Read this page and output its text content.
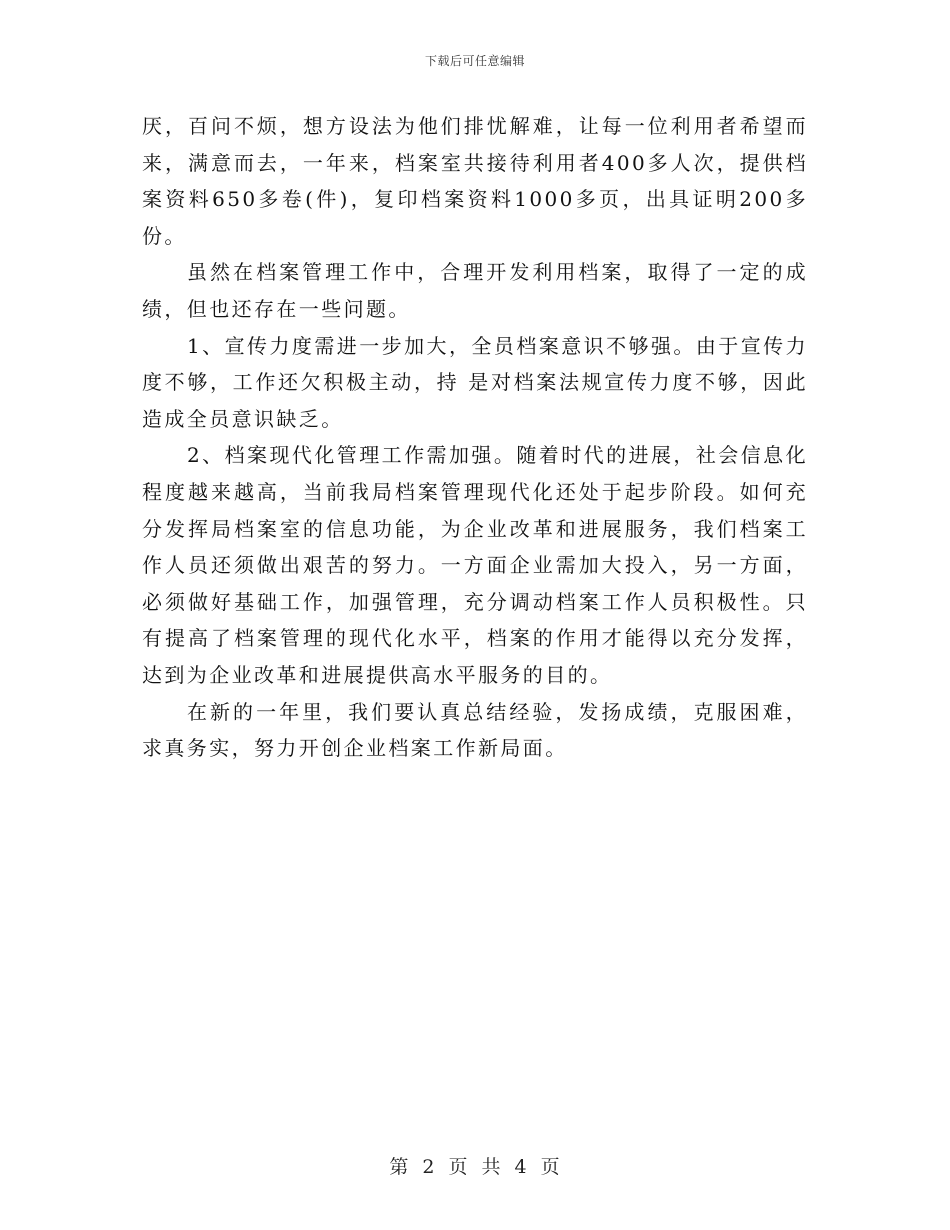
下载后可任意编辑

厌，百问不烦，想方设法为他们排忧解难，让每一位利用者希望而来，满意而去，一年来，档案室共接待利用者400多人次，提供档案资料650多卷(件)，复印档案资料1000多页，出具证明200多份。

虽然在档案管理工作中，合理开发利用档案，取得了一定的成绩，但也还存在一些问题。

1、宣传力度需进一步加大，全员档案意识不够强。由于宣传力度不够，工作还欠积极主动，持 是对档案法规宣传力度不够，因此造成全员意识缺乏。

2、档案现代化管理工作需加强。随着时代的进展，社会信息化程度越来越高，当前我局档案管理现代化还处于起步阶段。如何充分发挥局档案室的信息功能，为企业改革和进展服务，我们档案工作人员还须做出艰苦的努力。一方面企业需加大投入，另一方面，必须做好基础工作，加强管理，充分调动档案工作人员积极性。只有提高了档案管理的现代化水平，档案的作用才能得以充分发挥，达到为企业改革和进展提供高水平服务的目的。

在新的一年里，我们要认真总结经验，发扬成绩，克服困难，求真务实，努力开创企业档案工作新局面。

第 2 页 共 4 页
